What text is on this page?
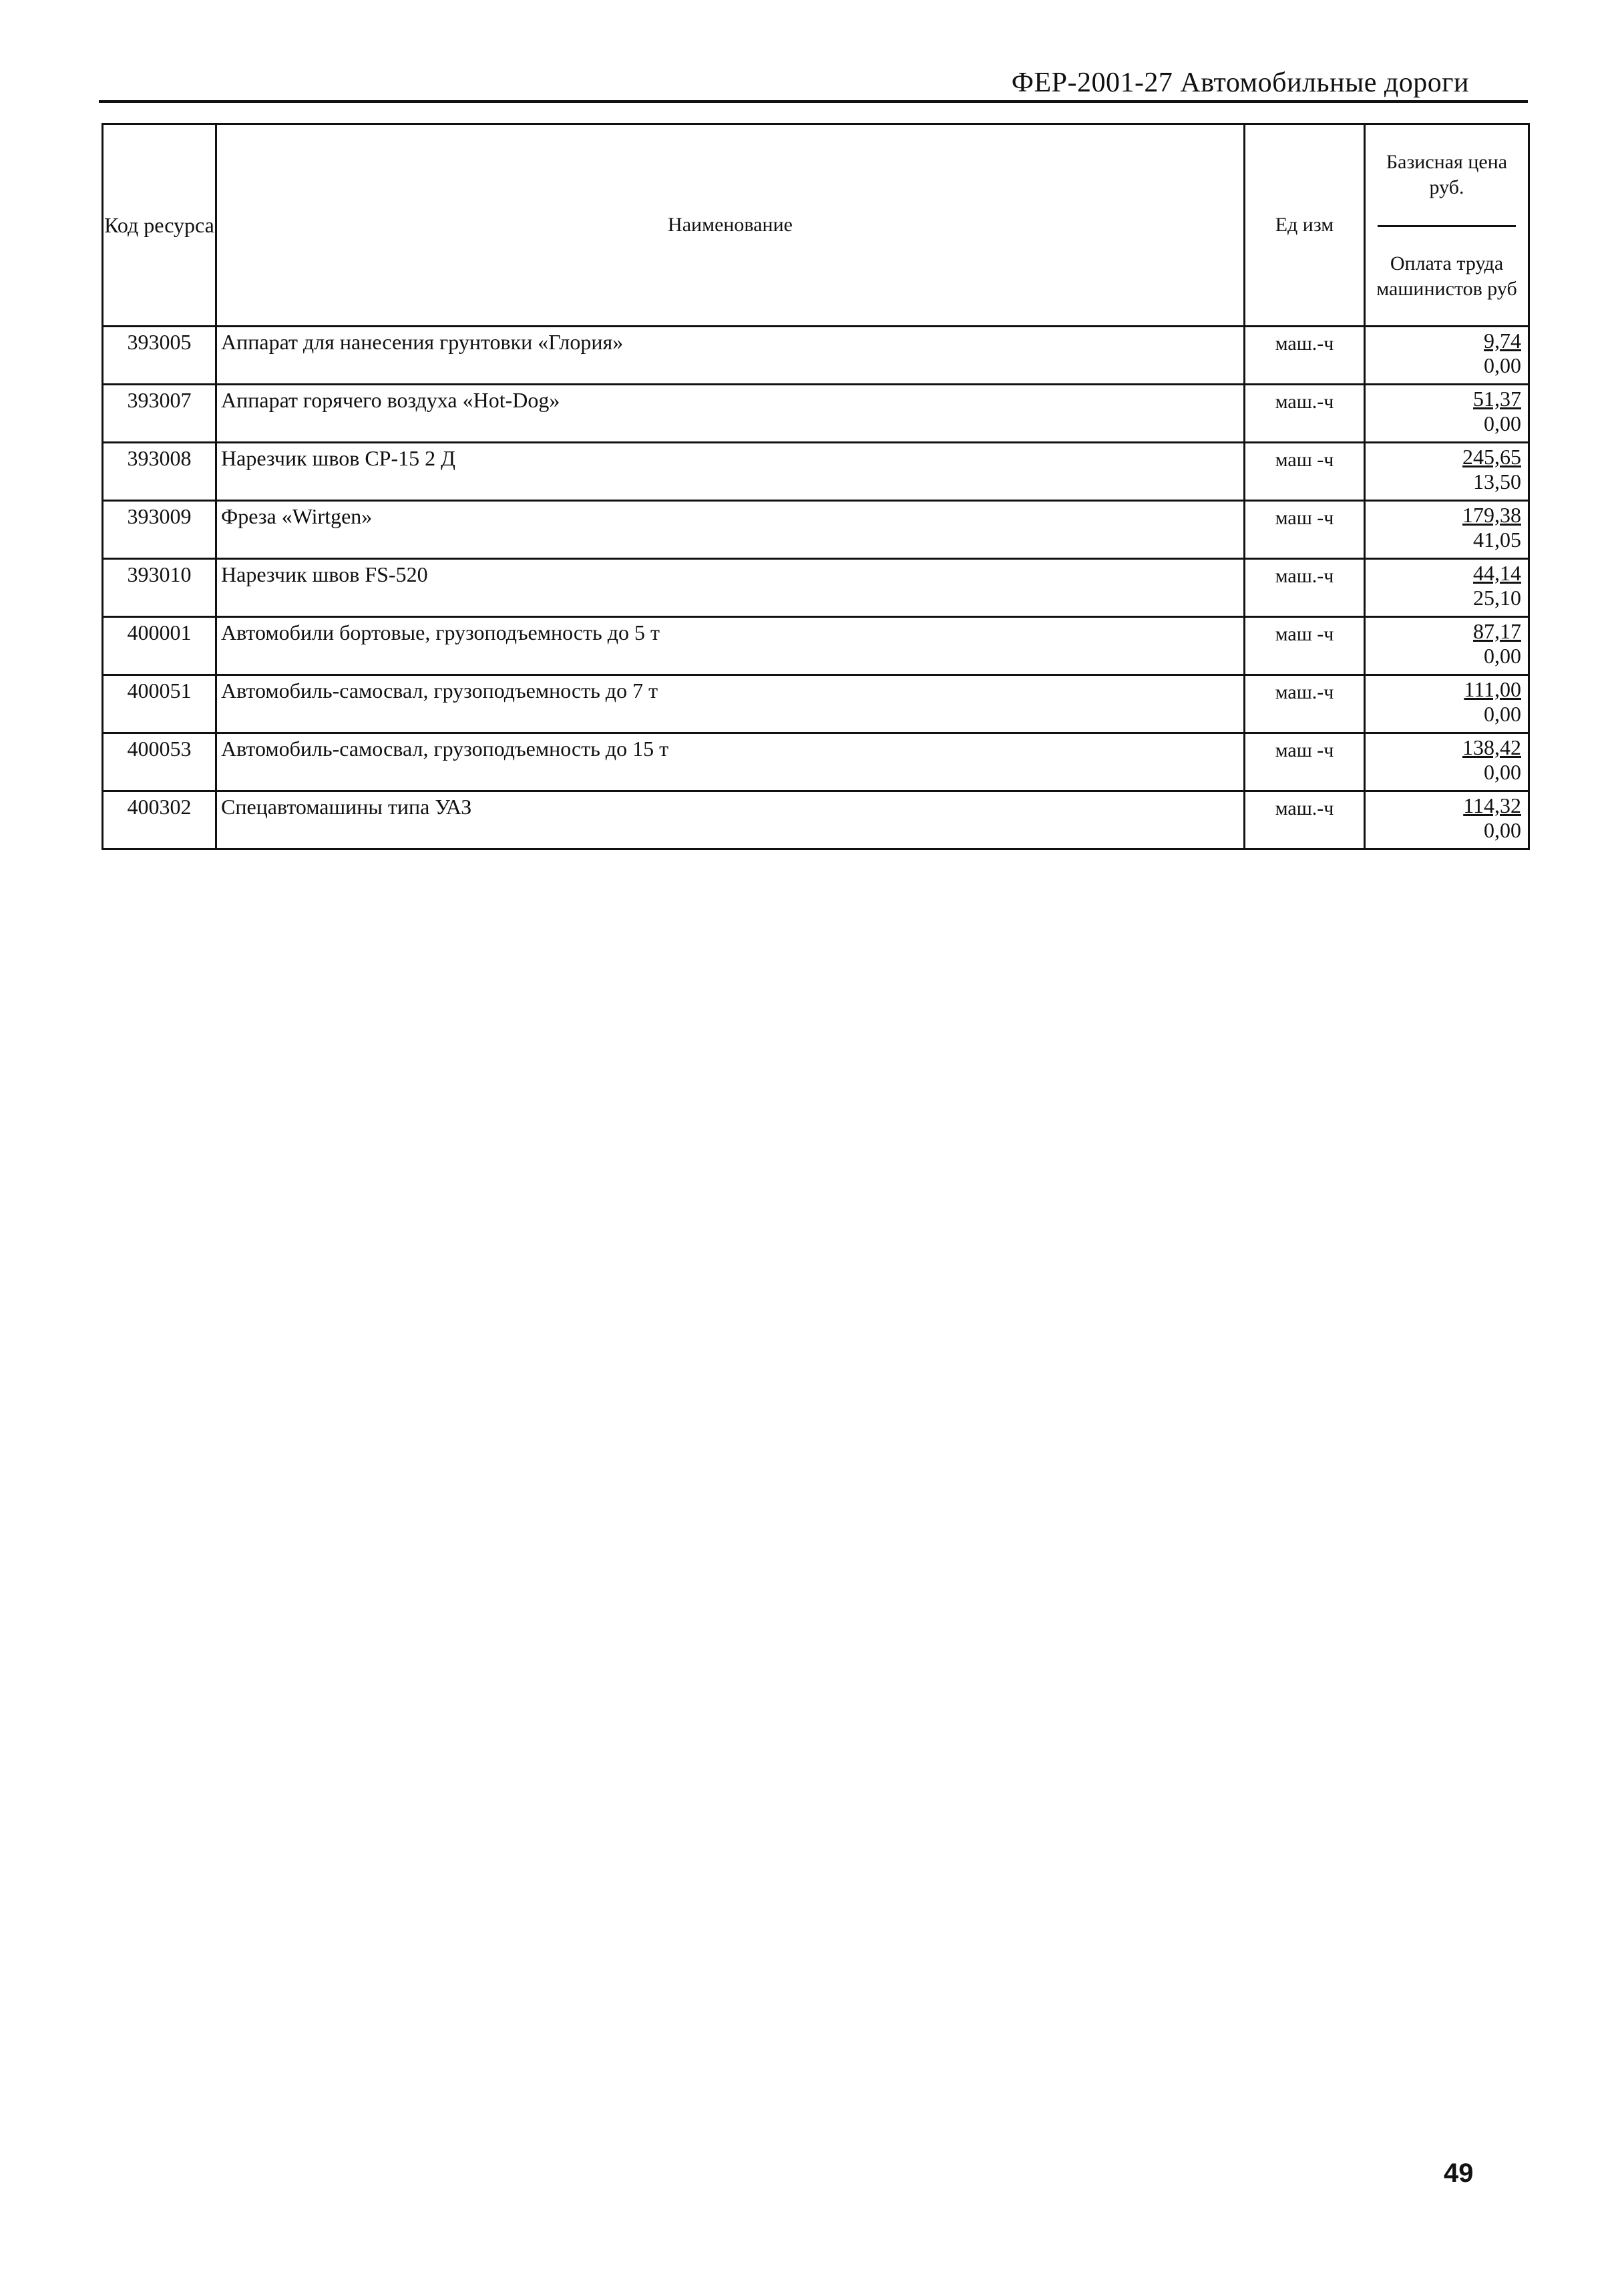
ФЕР-2001-27 Автомобильные дороги
Код ресурса	Наименование	Ед изм	Базисная цена руб.
Оплата труда машинистов руб

393005	Аппарат для нанесения грунтовки «Глория»	маш.-ч	9,74
0,00

393007	Аппарат горячего воздуха «Hot-Dog»	маш.-ч	51,37
0,00

393008	Нарезчик швов СР-15 2 Д	маш -ч	245,65
13,50

393009	Фреза «Wirtgen»	маш -ч	179,38
41,05

393010	Нарезчик швов FS-520	маш.-ч	44,14
25,10

400001	Автомобили бортовые, грузоподъемность до 5 т	маш -ч	87,17
0,00

400051	Автомобиль-самосвал, грузоподъемность до 7 т	маш.-ч	111,00
0,00

400053	Автомобиль-самосвал, грузоподъемность до 15 т	маш -ч	138,42
0,00

400302	Спецавтомашины типа УАЗ	маш.-ч	114,32
0,00
49
